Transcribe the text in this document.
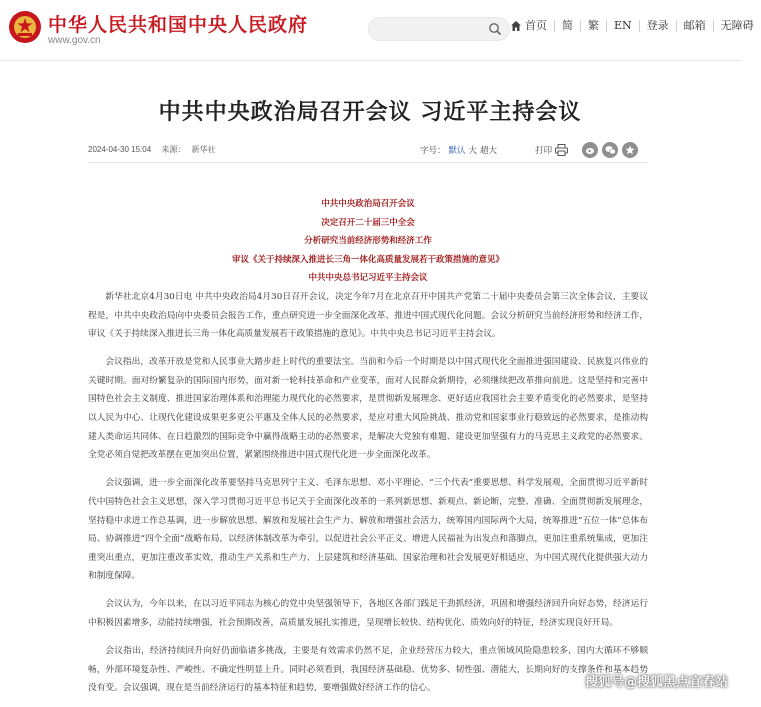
中华人民共和国中央人民政府
www.gov.cn
首页	简	繁	EN	登录	邮箱	无障碍
中共中央政治局召开会议 习近平主持会议
2024-04-30 15:04 来源： 新华社	字号： 默认 大 超大	打印
中共中央政治局召开会议
决定召开二十届三中全会
分析研究当前经济形势和经济工作
审议《关于持续深入推进长三角一体化高质量发展若干政策措施的意见》
中共中央总书记习近平主持会议

新华社北京4月30日电 中共中央政治局4月30日召开会议，决定今年7月在北京召开中国共产党第二十届中央委员会第三次全体会议，主要议程是，中共中央政治局向中央委员会报告工作，重点研究进一步全面深化改革、推进中国式现代化问题。会议分析研究当前经济形势和经济工作，审议《关于持续深入推进长三角一体化高质量发展若干政策措施的意见》。中共中央总书记习近平主持会议。

会议指出，改革开放是党和人民事业大踏步赶上时代的重要法宝。当前和今后一个时期是以中国式现代化全面推进强国建设、民族复兴伟业的关键时期。面对纷繁复杂的国际国内形势，面对新一轮科技革命和产业变革，面对人民群众新期待，必须继续把改革推向前进。这是坚持和完善中国特色社会主义制度、推进国家治理体系和治理能力现代化的必然要求，是贯彻新发展理念、更好适应我国社会主要矛盾变化的必然要求，是坚持以人民为中心、让现代化建设成果更多更公平惠及全体人民的必然要求，是应对重大风险挑战、推动党和国家事业行稳致远的必然要求，是推动构建人类命运共同体、在日趋激烈的国际竞争中赢得战略主动的必然要求，是解决大党独有难题、建设更加坚强有力的马克思主义政党的必然要求。全党必须自觉把改革摆在更加突出位置，紧紧围绕推进中国式现代化进一步全面深化改革。

会议强调，进一步全面深化改革要坚持马克思列宁主义、毛泽东思想、邓小平理论、“三个代表”重要思想、科学发展观，全面贯彻习近平新时代中国特色社会主义思想，深入学习贯彻习近平总书记关于全面深化改革的一系列新思想、新观点、新论断，完整、准确、全面贯彻新发展理念，坚持稳中求进工作总基调，进一步解放思想、解放和发展社会生产力、解放和增强社会活力，统筹国内国际两个大局，统筹推进“五位一体”总体布局、协调推进“四个全面”战略布局，以经济体制改革为牵引，以促进社会公平正义、增进人民福祉为出发点和落脚点，更加注重系统集成，更加注重突出重点，更加注重改革实效，推动生产关系和生产力、上层建筑和经济基础、国家治理和社会发展更好相适应，为中国式现代化提供强大动力和制度保障。

会议认为，今年以来，在以习近平同志为核心的党中央坚强领导下，各地区各部门践足干劲抓经济，巩固和增强经济回升向好态势，经济运行中积极因素增多，动能持续增强，社会预期改善，高质量发展扎实推进，呈现增长较快、结构优化、质效向好的特征，经济实现良好开局。

会议指出，经济持续回升向好仍面临诸多挑战，主要是有效需求仍然不足，企业经营压力较大，重点领域风险隐患较多，国内大循环不够顺畅，外部环境复杂性、严峻性、不确定性明显上升。同时必须看到，我国经济基础稳、优势多、韧性强、潜能大，长期向好的支撑条件和基本趋势没有变。会议强调，现在是当前经济运行的基本特征和趋势，要增强做好经济工作的信心。	搜狐号@搜狐黑点宜春站
